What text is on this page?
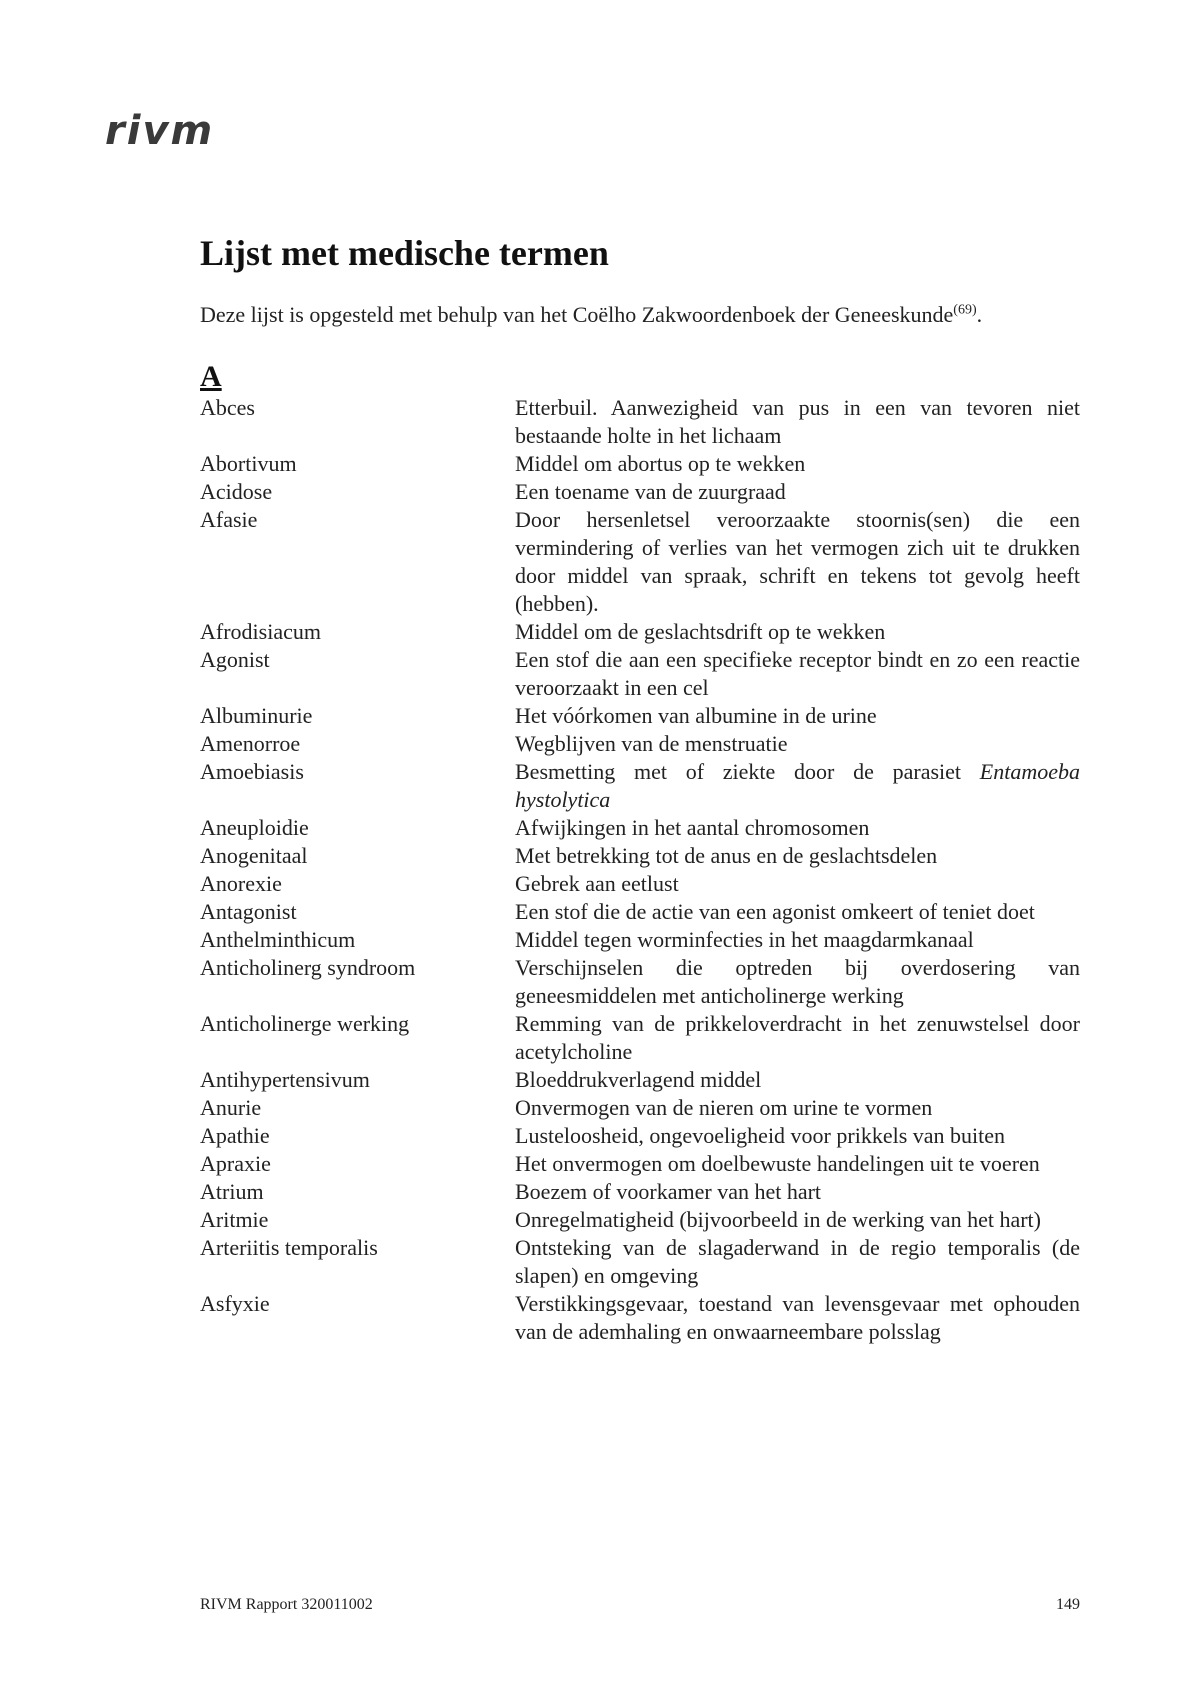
rivm
Lijst met medische termen
Deze lijst is opgesteld met behulp van het Coëlho Zakwoordenboek der Geneeskunde$^{(69)}$.
A
Abces	Etterbuil. Aanwezigheid van pus in een van tevoren niet bestaande holte in het lichaam
Abortivum	Middel om abortus op te wekken
Acidose	Een toename van de zuurgraad
Afasie	Door hersenletsel veroorzaakte stoornis(sen) die een vermindering of verlies van het vermogen zich uit te drukken door middel van spraak, schrift en tekens tot gevolg heeft (hebben).
Afrodisiacum	Middel om de geslachtsdrift op te wekken
Agonist	Een stof die aan een specifieke receptor bindt en zo een reactie veroorzaakt in een cel
Albuminurie	Het vóórkomen van albumine in de urine
Amenorroe	Wegblijven van de menstruatie
Amoebiasis	Besmetting met of ziekte door de parasiet Entamoeba hystolytica
Aneuploidie	Afwijkingen in het aantal chromosomen
Anogenitaal	Met betrekking tot de anus en de geslachtsdelen
Anorexie	Gebrek aan eetlust
Antagonist	Een stof die de actie van een agonist omkeert of teniet doet
Anthelminthicum	Middel tegen worminfecties in het maagdarmkanaal
Anticholinerg syndroom	Verschijnselen die optreden bij overdosering van geneesmiddelen met anticholinerge werking
Anticholinerge werking	Remming van de prikkeloverdracht in het zenuwstelsel door acetylcholine
Antihypertensivum	Bloeddrukverlagend middel
Anurie	Onvermogen van de nieren om urine te vormen
Apathie	Lusteloosheid, ongevoeligheid voor prikkels van buiten
Apraxie	Het onvermogen om doelbewuste handelingen uit te voeren
Atrium	Boezem of voorkamer van het hart
Aritmie	Onregelmatigheid (bijvoorbeeld in de werking van het hart)
Arteriitis temporalis	Ontsteking van de slagaderwand in de regio temporalis (de slapen) en omgeving
Asfyxie	Verstikkingsgevaar, toestand van levensgevaar met ophouden van de ademhaling en onwaarneembare polsslag
RIVM Rapport 320011002	149
